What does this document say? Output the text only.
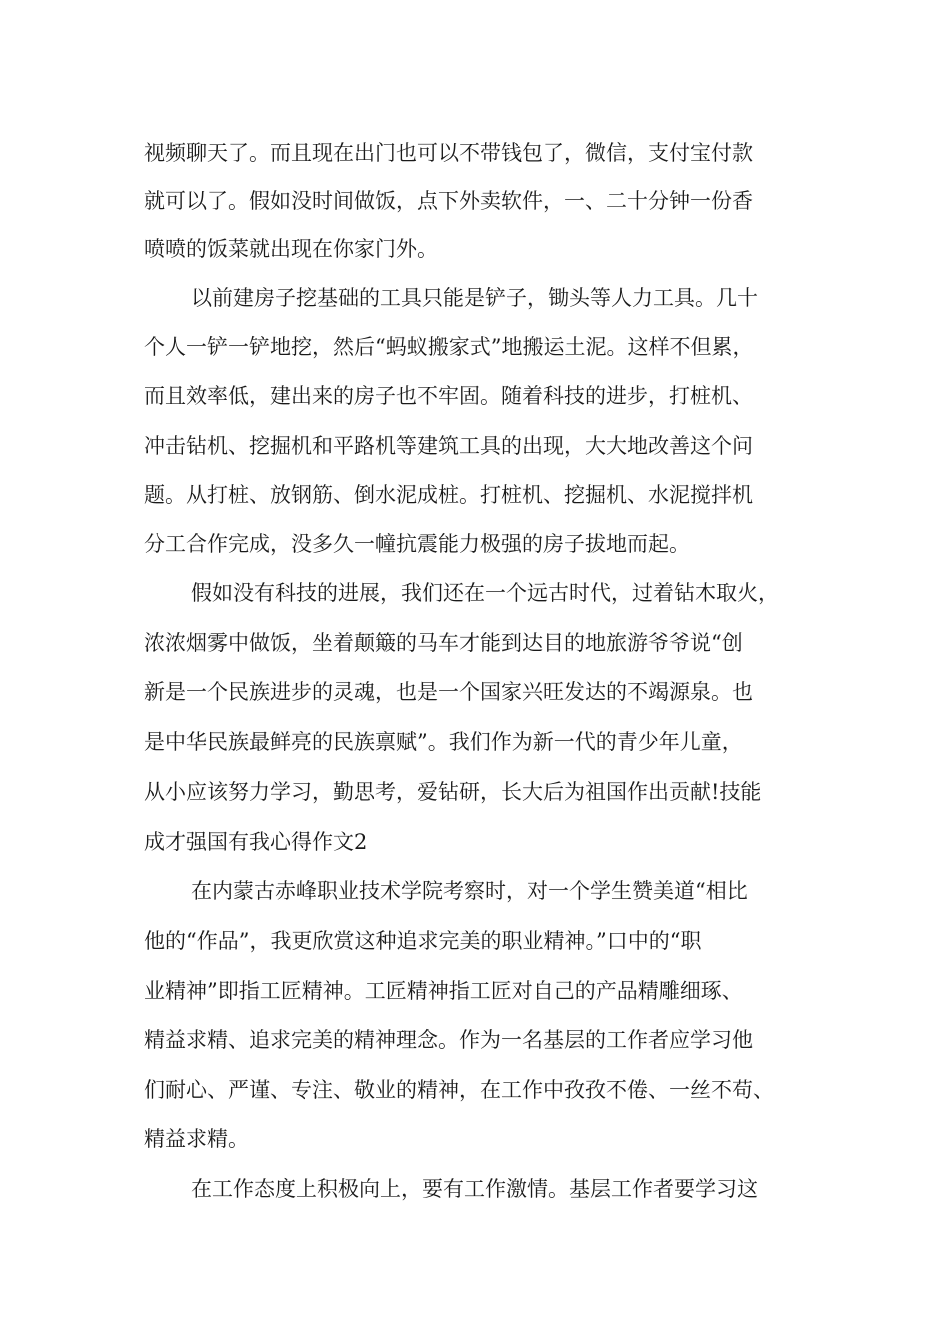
视频聊天了。而且现在出门也可以不带钱包了，微信，支付宝付款
就可以了。假如没时间做饭，点下外卖软件，一、二十分钟一份香
喷喷的饭菜就出现在你家门外。
以前建房子挖基础的工具只能是铲子，锄头等人力工具。几十
个人一铲一铲地挖，然后“蚂蚁搬家式”地搬运土泥。这样不但累，
而且效率低，建出来的房子也不牢固。随着科技的进步，打桩机、
冲击钻机、挖掘机和平路机等建筑工具的出现，大大地改善这个问
题。从打桩、放钢筋、倒水泥成桩。打桩机、挖掘机、水泥搅拌机
分工合作完成，没多久一幢抗震能力极强的房子拔地而起。
假如没有科技的进展，我们还在一个远古时代，过着钻木取火，
浓浓烟雾中做饭，坐着颠簸的马车才能到达目的地旅游爷爷说“创
新是一个民族进步的灵魂，也是一个国家兴旺发达的不竭源泉。也
是中华民族最鲜亮的民族禀赋”。我们作为新一代的青少年儿童，
从小应该努力学习，勤思考，爱钻研，长大后为祖国作出贡献!技能
成才强国有我心得作文2
在内蒙古赤峰职业技术学院考察时，对一个学生赞美道“相比
他的“作品”，我更欣赏这种追求完美的职业精神。”口中的“职
业精神”即指工匠精神。工匠精神指工匠对自己的产品精雕细琢、
精益求精、追求完美的精神理念。作为一名基层的工作者应学习他
们耐心、严谨、专注、敬业的精神，在工作中孜孜不倦、一丝不苟、
精益求精。
在工作态度上积极向上，要有工作激情。基层工作者要学习这
